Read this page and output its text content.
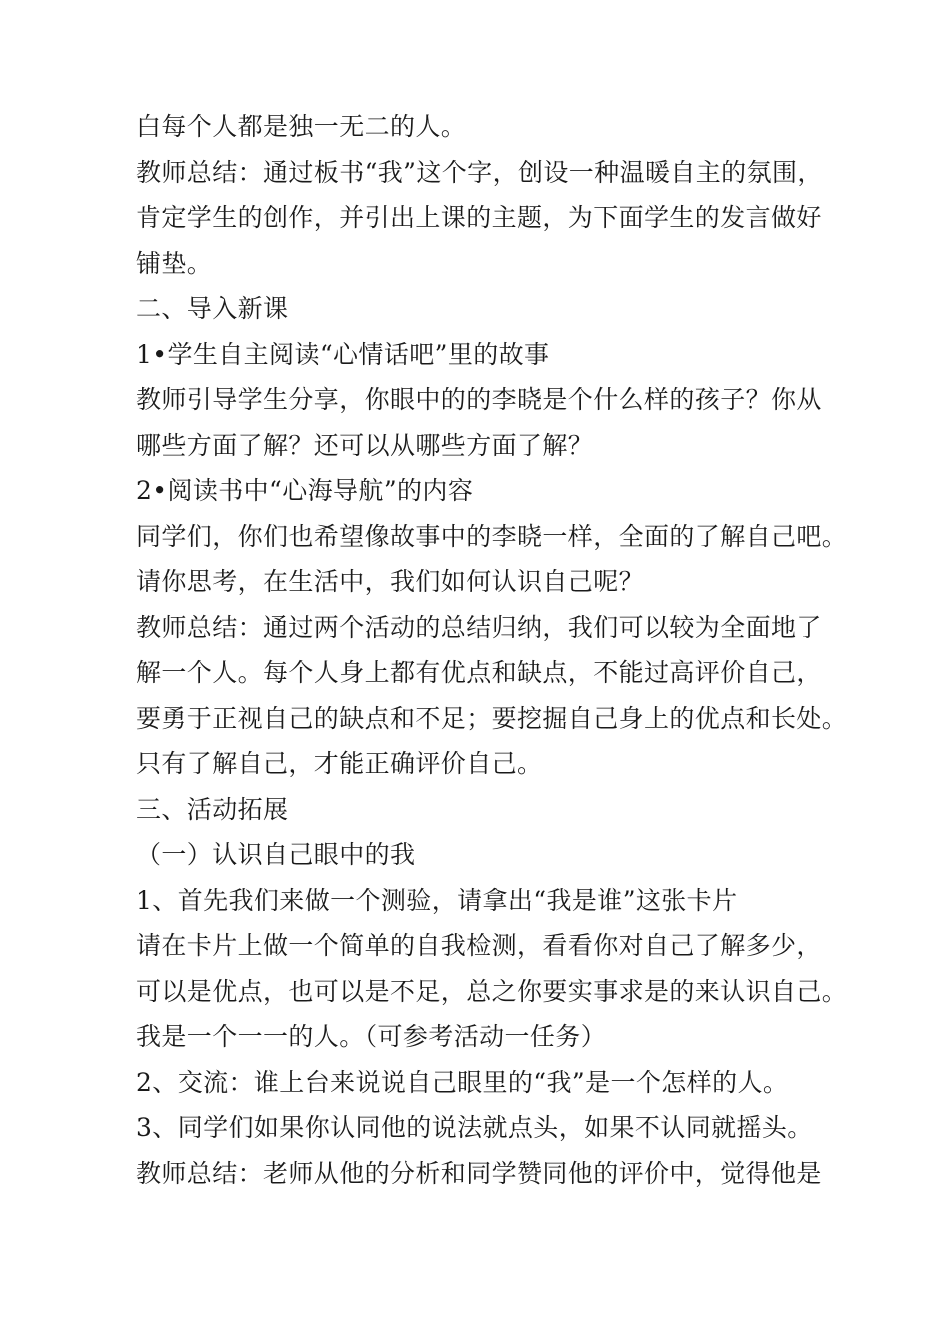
白每个人都是独一无二的人。
教师总结：通过板书“我”这个字，创设一种温暖自主的氛围，
肯定学生的创作，并引出上课的主题，为下面学生的发言做好
铺垫。
二、导入新课
1•学生自主阅读“心情话吧”里的故事
教师引导学生分享，你眼中的的李晓是个什么样的孩子？你从
哪些方面了解？还可以从哪些方面了解？
2•阅读书中“心海导航”的内容
同学们，你们也希望像故事中的李晓一样，全面的了解自己吧。
请你思考，在生活中，我们如何认识自己呢？
教师总结：通过两个活动的总结归纳，我们可以较为全面地了
解一个人。每个人身上都有优点和缺点，不能过高评价自己，
要勇于正视自己的缺点和不足；要挖掘自己身上的优点和长处。
只有了解自己，才能正确评价自己。
三、活动拓展
（一）认识自己眼中的我
1、首先我们来做一个测验，请拿出“我是谁”这张卡片
请在卡片上做一个简单的自我检测，看看你对自己了解多少，
可以是优点，也可以是不足，总之你要实事求是的来认识自己。
我是一个一一的人。（可参考活动一任务）
2、交流：谁上台来说说自己眼里的“我”是一个怎样的人。
3、同学们如果你认同他的说法就点头，如果不认同就摇头。
教师总结：老师从他的分析和同学赞同他的评价中，觉得他是
